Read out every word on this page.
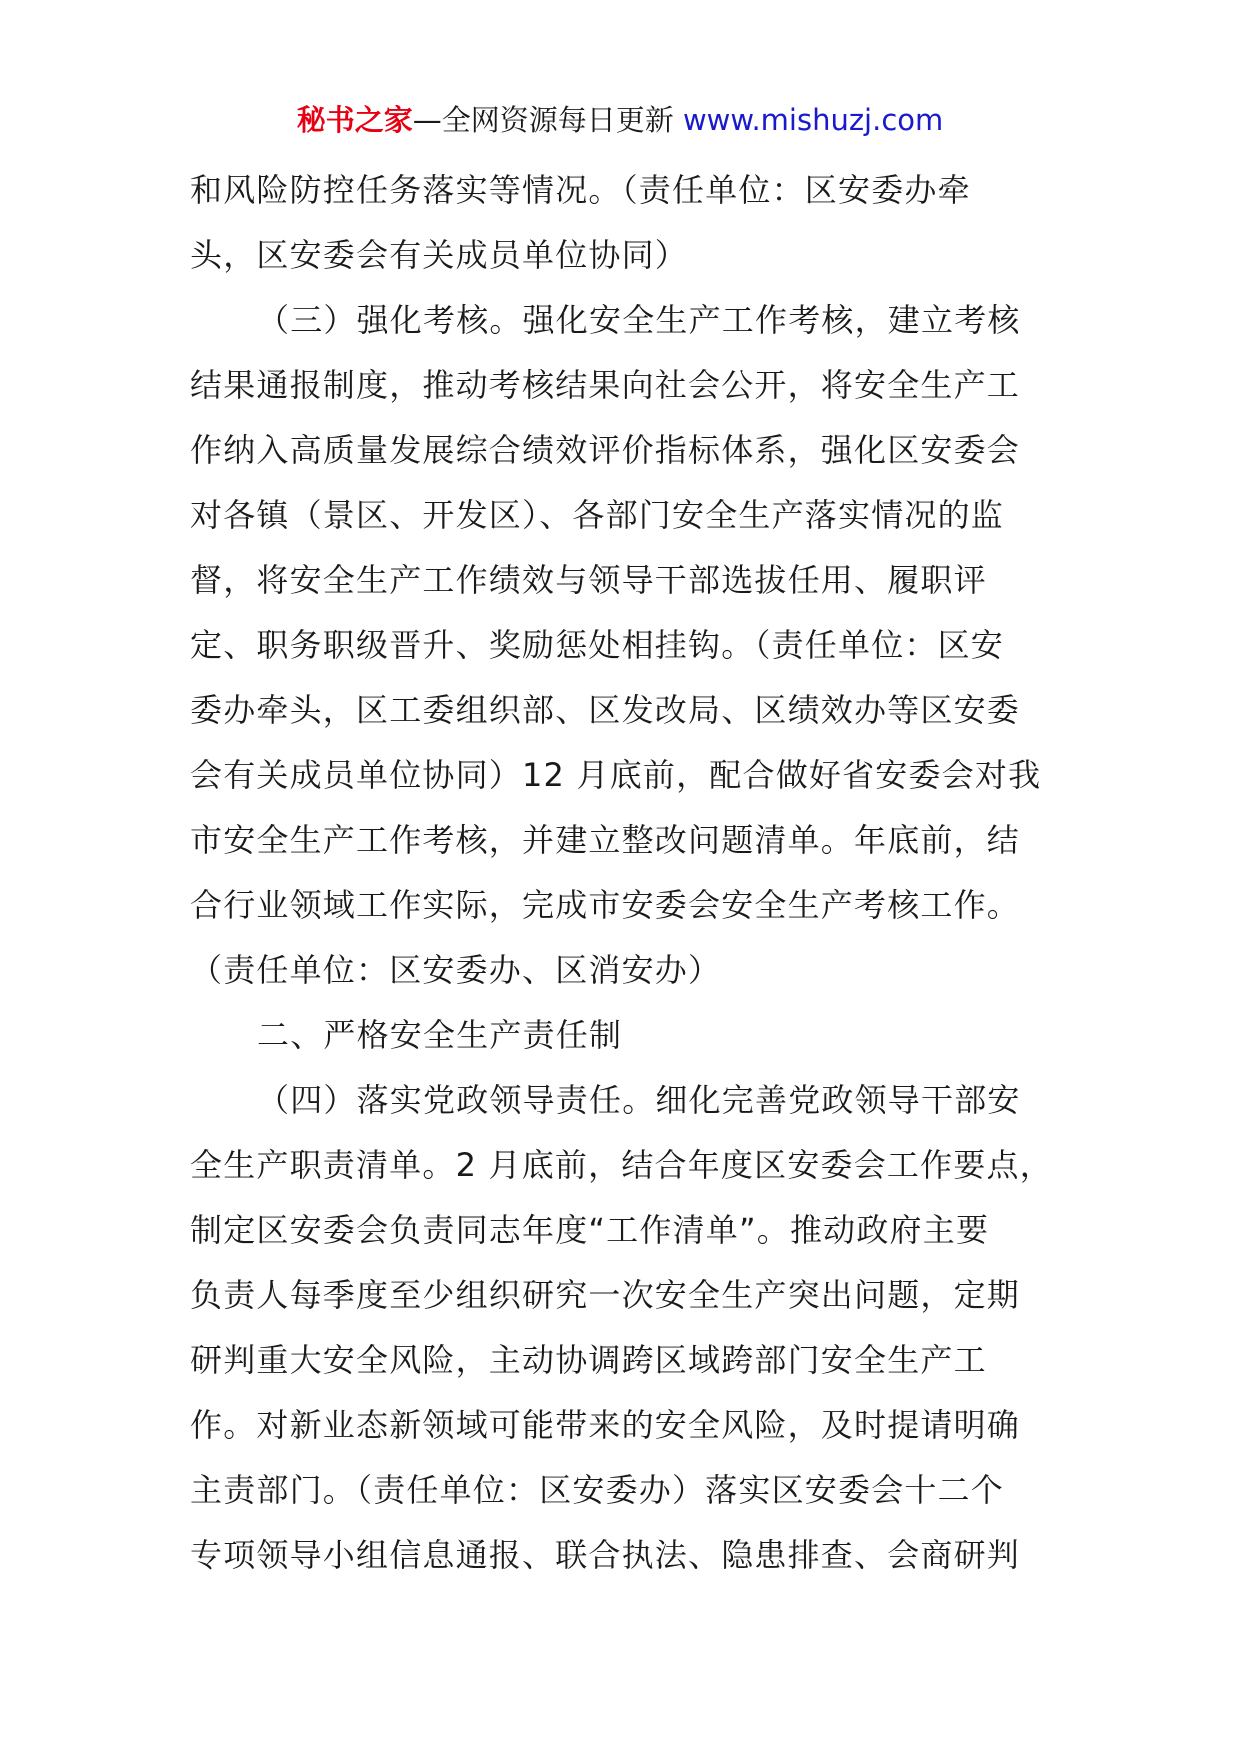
秘书之家—全网资源每日更新 www.mishuzj.com
和风险防控任务落实等情况。（责任单位：区安委办牵
头，区安委会有关成员单位协同）
（三）强化考核。强化安全生产工作考核，建立考核
结果通报制度，推动考核结果向社会公开，将安全生产工
作纳入高质量发展综合绩效评价指标体系，强化区安委会
对各镇（景区、开发区）、各部门安全生产落实情况的监
督，将安全生产工作绩效与领导干部选拔任用、履职评
定、职务职级晋升、奖励惩处相挂钩。（责任单位：区安
委办牵头，区工委组织部、区发改局、区绩效办等区安委
会有关成员单位协同）12 月底前，配合做好省安委会对我
市安全生产工作考核，并建立整改问题清单。年底前，结
合行业领域工作实际，完成市安委会安全生产考核工作。
（责任单位：区安委办、区消安办）
二、严格安全生产责任制
（四）落实党政领导责任。细化完善党政领导干部安
全生产职责清单。2 月底前，结合年度区安委会工作要点，
制定区安委会负责同志年度“工作清单”。推动政府主要
负责人每季度至少组织研究一次安全生产突出问题，定期
研判重大安全风险，主动协调跨区域跨部门安全生产工
作。对新业态新领域可能带来的安全风险，及时提请明确
主责部门。（责任单位：区安委办）落实区安委会十二个
专项领导小组信息通报、联合执法、隐患排查、会商研判
